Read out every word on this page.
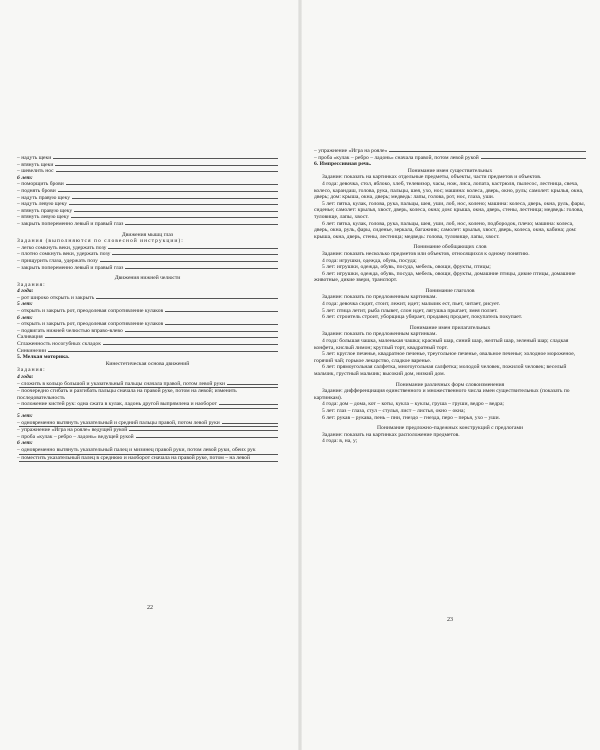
– надуть щеки
– втянуть щеки
– шевелить нос

6 лет:

– поморщить брови
– поднять брови
– надуть правую щеку
– надуть левую щеку
– втянуть правую щеку
– втянуть левую щеку
– закрыть попеременно левый и правый глаз

Движения мышц глаз

Задания (выполняются по словесной инструкции):

– легко сомкнуть веки, удержать позу
– плотно сомкнуть веки, удержать позу
– прищурить глаза, удержать позу
– закрыть попеременно левый и правый глаз

Движения нижней челюсти

Задания:

4 года:

– рот широко открыть и закрыть

5 лет:

– открыть и закрыть рот, преодолевая сопротивление кулаков

6 лет:

– открыть и закрыть рот, преодолевая сопротивление кулаков
– подвигать нижней челюстью вправо-влево
Саливация
Сглаженность носогубных складок
Синкинезии

5. Мелкая моторика.

Кинестетическая основа движений

Задания:

4 года:

– сложить в кольцо большой и указательный пальцы сначала правой, потом левой руки

– поочередно сгибать и разгибать пальцы сначала на правой руке, потом на левой; изменить последовательность

– положение кистей рук: одна сжата в кулак, ладонь другой выпрямлена и наоборот

5 лет:

– одновременно вытянуть указательный и средний пальцы правой, потом левой руки
– упражнение «Игра на рояле» ведущей рукой
– проба «кулак – ребро – ладонь» ведущей рукой

6 лет:

– одновременно вытянуть указательный палец и мизинец правой руки, потом левой руки, обеих рук

– поместить указательный палец в среднюю и наоборот сначала на правой руке, потом – на левой

22
– упражнение «Игра на рояле»
– проба «кулак – ребро – ладонь» сначала правой, потом левой рукой

6. Импрессивная речь.

Понимание имен существительных

Задание: показать на картинках отдельные предметы, объекты, части предметов и объектов.

4 года: девочка, стол, яблоко, хлеб, телевизор, часы, нож, лиса, лопата, кастрюля, пылесос, лестница, свеча, колесо, карандаш, голова, рука, пальцы, шея, ухо, нос; машина: колеса, дверь, окно, руль; самолет: крылья, окна, дверь; дом: крыша, окна, дверь; медведь: лапы, голова, рот, нос, глаза, уши.

5 лет: пятка, кулак, голова, рука, пальцы, шея, уши, лоб, нос, колено; машина: колеса, дверь, окна, руль, фары, сиденье; самолет: крылья, хвост, дверь, колеса, окна; дом: крыша, окна, дверь, стены, лестница; медведь: голова, туловище, лапы, хвост.

6 лет: пятка, кулак, голова, рука, пальцы, шея, уши, лоб, нос, колено, подбородок, плечо; машина: колеса, дверь, окна, руль, фары, сиденье, зеркала, багажник; самолет: крылья, хвост, дверь, колеса, окна, кабина; дом: крыша, окна, дверь, стены, лестница; медведь: голова, туловище, лапы, хвост.

Понимание обобщающих слов

Задание: показать несколько предметов или объектов, относящихся к одному понятию.

4 года: игрушки, одежда, обувь, посуда;

5 лет: игрушки, одежда, обувь, посуда, мебель, овощи, фрукты, птицы;

6 лет: игрушки, одежда, обувь, посуда, мебель, овощи, фрукты, домашние птицы, дикие птицы, домашние животные, дикие звери, транспорт.

Понимание глаголов

Задание: показать по предложенным картинкам.

4 года: девочка сидит, стоит, лежит, идет; мальчик ест, пьет, читает, рисует.

5 лет: птица летит, рыба плывет, слон идет, лягушка прыгает, змея ползет.

6 лет: строитель строит, уборщица убирает, продавец продает, покупатель покупает.

Понимание имен прилагательных

Задание: показать по предложенным картинкам.

4 года: большая чашка, маленькая чашка; красный шар, синий шар, желтый шар, зеленый шар; сладкая конфета, кислый лимон; круглый торт, квадратный торт.

5 лет: круглое печенье, квадратное печенье, треугольное печенье, овальное печенье; холодное мороженое, горячий чай; горькое лекарство, сладкое варенье.

6 лет: прямоугольная салфетка, многоугольная салфетка; молодой человек, пожилой человек; веселый мальчик, грустный мальчик; высокий дом, низкий дом.

Понимание различных форм словоизменения

Задание: дифференциация единственного и множественного числа имен существительных (показать по картинкам).

4 года: дом – дома, кот – коты, кукла – куклы, груша – груши, ведро – ведра;

5 лет: глаз – глаза, стул – стулья, лист – листья, окно – окна;

6 лет: рукав – рукава, пень – пни, гнездо – гнезда, перо – перья, ухо – уши.

Понимание предложно-падежных конструкций с предлогами

Задание: показать на картинках расположение предметов.

4 года: в, на, у;

23
